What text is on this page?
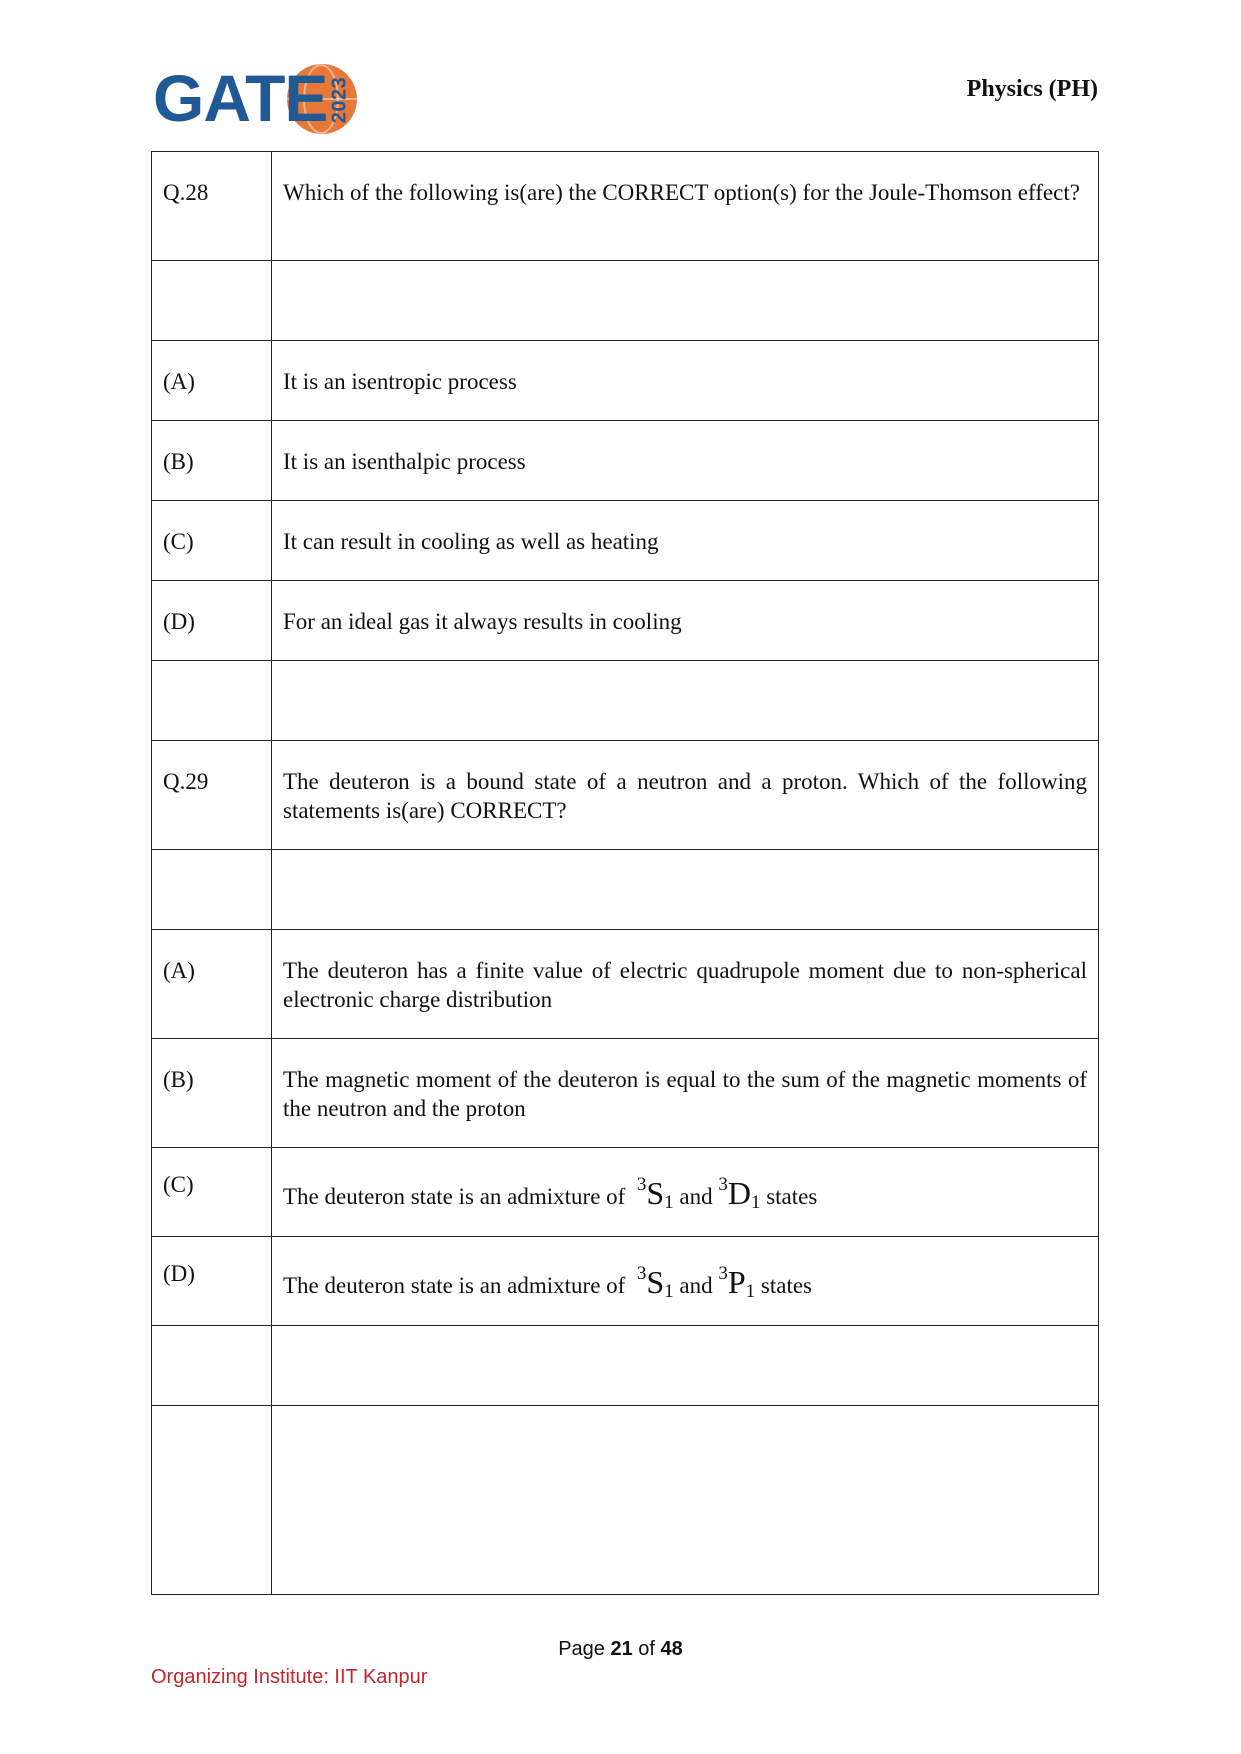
GATE 2023	Physics (PH)
Q.28	Which of the following is(are) the CORRECT option(s) for the Joule-Thomson effect?

(A)	It is an isentropic process

(B)	It is an isenthalpic process

(C)	It can result in cooling as well as heating

(D)	For an ideal gas it always results in cooling

Q.29	The deuteron is a bound state of a neutron and a proton. Which of the following statements is(are) CORRECT?

(A)	The deuteron has a finite value of electric quadrupole moment due to non-spherical electronic charge distribution

(B)	The magnetic moment of the deuteron is equal to the sum of the magnetic moments of the neutron and the proton

(C)	The deuteron state is an admixture of $^3S_1$ and $^3D_1$ states

(D)	The deuteron state is an admixture of $^3S_1$ and $^3P_1$ states

Page 21 of 48
Organizing Institute: IIT Kanpur
